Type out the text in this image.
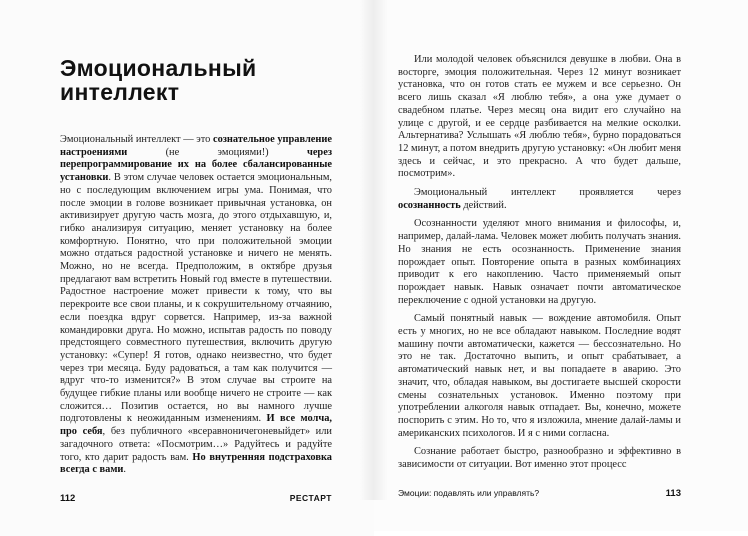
Эмоциональный
интеллект

Эмоциональный интеллект — это сознательное управление настроениями (не эмоциями!) через перепрограммирование их на более сбалансированные установки. В этом случае человек остается эмоциональным, но с последующим включением игры ума. Понимая, что после эмоции в голове возникает привычная установка, он активизирует другую часть мозга, до этого отдыхавшую, и, гибко анализируя ситуацию, меняет установку на более комфортную. Понятно, что при положительной эмоции можно отдаться радостной установке и ничего не менять. Можно, но не всегда. Предположим, в октябре друзья предлагают вам встретить Новый год вместе в путешествии. Радостное настроение может привести к тому, что вы перекроите все свои планы, и к сокрушительному отчаянию, если поездка вдруг сорвется. Например, из-за важной командировки друга. Но можно, испытав радость по поводу предстоящего совместного путешествия, включить другую установку: «Супер! Я готов, однако неизвестно, что будет через три месяца. Буду радоваться, а там как получится — вдруг что-то изменится?» В этом случае вы строите на будущее гибкие планы или вообще ничего не строите — как сложится… Позитив остается, но вы намного лучше подготовлены к неожиданным изменениям. И все молча, про себя, без публичного «всеравноничегоневыйдет» или загадочного ответа: «Посмотрим…» Радуйтесь и радуйте того, кто дарит радость вам. Но внутренняя подстраховка всегда с вами.

112	РЕСТАРТ

Или молодой человек объяснился девушке в любви. Она в восторге, эмоция положительная. Через 12 минут возникает установка, что он готов стать ее мужем и все серьезно. Он всего лишь сказал «Я люблю тебя», а она уже думает о свадебном платье. Через месяц она видит его случайно на улице с другой, и ее сердце разбивается на мелкие осколки. Альтернатива? Услышать «Я люблю тебя», бурно порадоваться 12 минут, а потом внедрить другую установку: «Он любит меня здесь и сейчас, и это прекрасно. А что будет дальше, посмотрим».

Эмоциональный интеллект проявляется через осознанность действий.

Осознанности уделяют много внимания и философы, и, например, далай-лама. Человек может любить получать знания. Но знания не есть осознанность. Применение знания порождает опыт. Повторение опыта в разных комбинациях приводит к его накоплению. Часто применяемый опыт порождает навык. Навык означает почти автоматическое переключение с одной установки на другую.

Самый понятный навык — вождение автомобиля. Опыт есть у многих, но не все обладают навыком. Последние водят машину почти автоматически, кажется — бессознательно. Но это не так. Достаточно выпить, и опыт срабатывает, а автоматический навык нет, и вы попадаете в аварию. Это значит, что, обладая навыком, вы достигаете высшей скорости смены сознательных установок. Именно поэтому при употреблении алкоголя навык отпадает. Вы, конечно, можете поспорить с этим. Но то, что я изложила, мнение далай-ламы и американских психологов. И я с ними согласна.

Сознание работает быстро, разнообразно и эффективно в зависимости от ситуации. Вот именно этот процесс

Эмоции: подавлять или управлять?	113
